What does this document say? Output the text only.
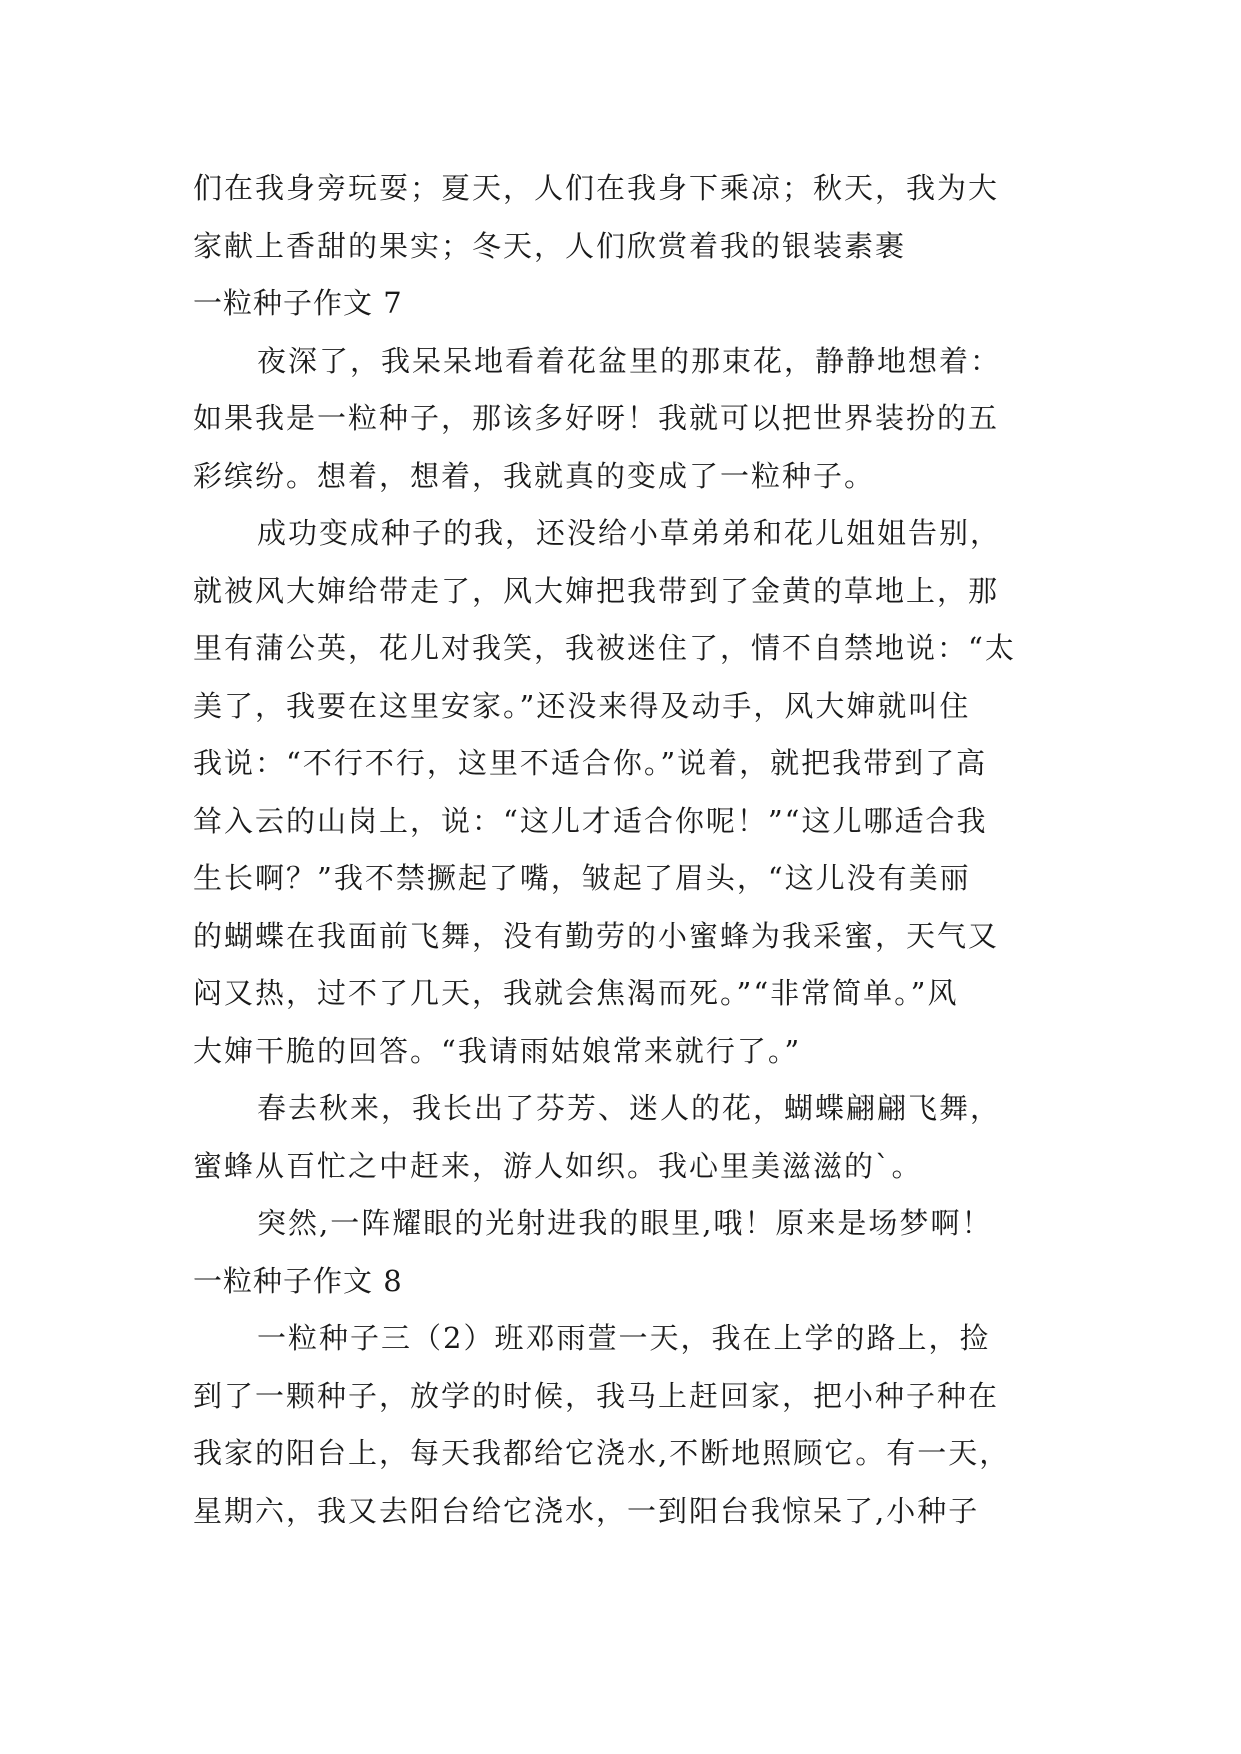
们在我身旁玩耍；夏天，人们在我身下乘凉；秋天，我为大
家献上香甜的果实；冬天，人们欣赏着我的银装素裹
一粒种子作文 7
夜深了，我呆呆地看着花盆里的那束花，静静地想着：
如果我是一粒种子，那该多好呀！我就可以把世界装扮的五
彩缤纷。想着，想着，我就真的变成了一粒种子。
成功变成种子的我，还没给小草弟弟和花儿姐姐告别，
就被风大婶给带走了，风大婶把我带到了金黄的草地上，那
里有蒲公英，花儿对我笑，我被迷住了，情不自禁地说：“太
美了，我要在这里安家。”还没来得及动手，风大婶就叫住
我说：“不行不行，这里不适合你。”说着，就把我带到了高
耸入云的山岗上，说：“这儿才适合你呢！”“这儿哪适合我
生长啊？”我不禁撅起了嘴，皱起了眉头，“这儿没有美丽
的蝴蝶在我面前飞舞，没有勤劳的小蜜蜂为我采蜜，天气又
闷又热，过不了几天，我就会焦渴而死。”“非常简单。”风
大婶干脆的回答。“我请雨姑娘常来就行了。”
春去秋来，我长出了芬芳、迷人的花，蝴蝶翩翩飞舞，
蜜蜂从百忙之中赶来，游人如织。我心里美滋滋的`。
突然,一阵耀眼的光射进我的眼里,哦！原来是场梦啊！
一粒种子作文 8
一粒种子三（2）班邓雨萱一天，我在上学的路上，捡
到了一颗种子，放学的时候，我马上赶回家，把小种子种在
我家的阳台上，每天我都给它浇水,不断地照顾它。有一天，
星期六，我又去阳台给它浇水，一到阳台我惊呆了,小种子
